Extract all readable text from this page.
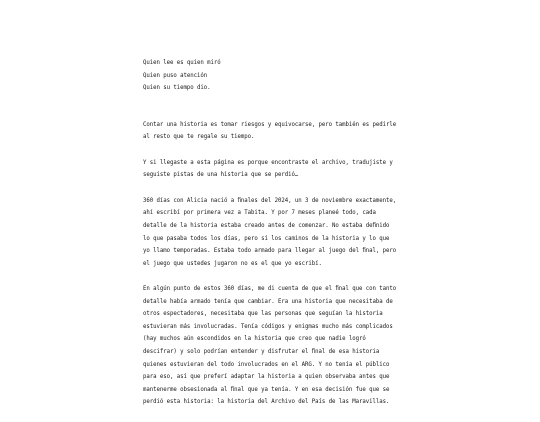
Quien lee es quien miró
Quien puso atención
Quien su tiempo dio.
Contar una historia es tomar riesgos y equivocarse, pero también es pedirle
al resto que te regale su tiempo.
Y si llegaste a esta página es porque encontraste el archivo, tradujiste y
seguiste pistas de una historia que se perdió…
360 días con Alicia nació a ﬁnales del 2024, un 3 de noviembre exactamente,
ahí escribí por primera vez a Tabita. Y por 7 meses planeé todo, cada
detalle de la historia estaba creado antes de comenzar. No estaba deﬁnido
lo que pasaba todos los días, pero sí los caminos de la historia y lo que
yo llamo temporadas. Estaba todo armado para llegar al juego del ﬁnal, pero
el juego que ustedes jugaron no es el que yo escribí.
En algún punto de estos 360 días, me di cuenta de que el ﬁnal que con tanto
detalle había armado tenía que cambiar. Era una historia que necesitaba de
otros espectadores, necesitaba que las personas que seguían la historia
estuvieran más involucradas. Tenía códigos y enigmas mucho más complicados
(hay muchos aún escondidos en la historia que creo que nadie logró
descifrar) y solo podrían entender y disfrutar el ﬁnal de esa historia
quienes estuvieran del todo involucrados en el ARG. Y no tenía el público
para eso, así que preferí adaptar la historia a quien observaba antes que
mantenerme obsesionada al ﬁnal que ya tenía. Y en esa decisión fue que se
perdió esta historia: la historia del Archivo del País de las Maravillas.
